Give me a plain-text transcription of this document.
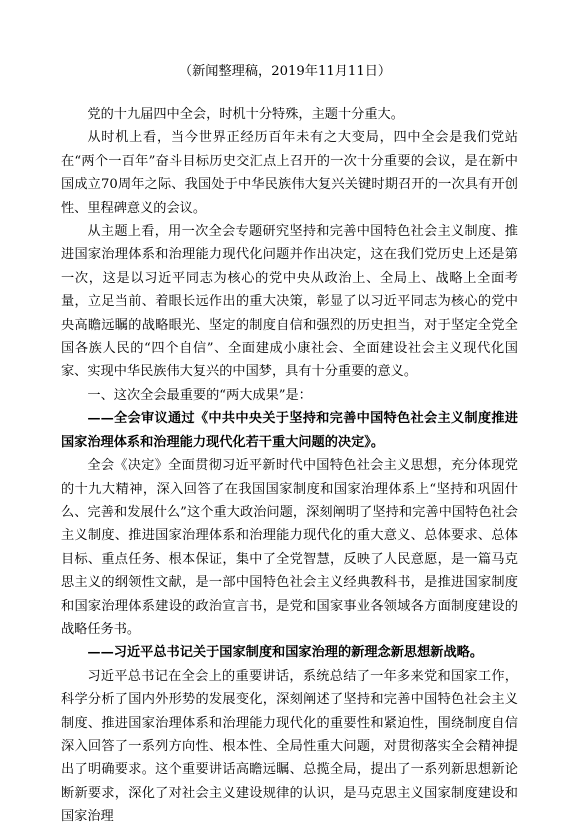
（新闻整理稿，2019年11月11日）

党的十九届四中全会，时机十分特殊，主题十分重大。

从时机上看，当今世界正经历百年未有之大变局，四中全会是我们党站在“两个一百年”奋斗目标历史交汇点上召开的一次十分重要的会议，是在新中国成立70周年之际、我国处于中华民族伟大复兴关键时期召开的一次具有开创性、里程碑意义的会议。

从主题上看，用一次全会专题研究坚持和完善中国特色社会主义制度、推进国家治理体系和治理能力现代化问题并作出决定，这在我们党历史上还是第一次，这是以习近平同志为核心的党中央从政治上、全局上、战略上全面考量，立足当前、着眼长远作出的重大决策，彰显了以习近平同志为核心的党中央高瞻远瞩的战略眼光、坚定的制度自信和强烈的历史担当，对于坚定全党全国各族人民的“四个自信”、全面建成小康社会、全面建设社会主义现代化国家、实现中华民族伟大复兴的中国梦，具有十分重要的意义。

一、这次全会最重要的“两大成果”是：

——全会审议通过《中共中央关于坚持和完善中国特色社会主义制度推进国家治理体系和治理能力现代化若干重大问题的决定》。

全会《决定》全面贯彻习近平新时代中国特色社会主义思想，充分体现党的十九大精神，深入回答了在我国国家制度和国家治理体系上“坚持和巩固什么、完善和发展什么”这个重大政治问题，深刻阐明了坚持和完善中国特色社会主义制度、推进国家治理体系和治理能力现代化的重大意义、总体要求、总体目标、重点任务、根本保证，集中了全党智慧，反映了人民意愿，是一篇马克思主义的纲领性文献，是一部中国特色社会主义经典教科书，是推进国家制度和国家治理体系建设的政治宣言书，是党和国家事业各领域各方面制度建设的战略任务书。

——习近平总书记关于国家制度和国家治理的新理念新思想新战略。

习近平总书记在全会上的重要讲话，系统总结了一年多来党和国家工作，科学分析了国内外形势的发展变化，深刻阐述了坚持和完善中国特色社会主义制度、推进国家治理体系和治理能力现代化的重要性和紧迫性，围绕制度自信深入回答了一系列方向性、根本性、全局性重大问题，对贯彻落实全会精神提出了明确要求。这个重要讲话高瞻远瞩、总揽全局，提出了一系列新思想新论断新要求，深化了对社会主义建设规律的认识，是马克思主义国家制度建设和国家治理
